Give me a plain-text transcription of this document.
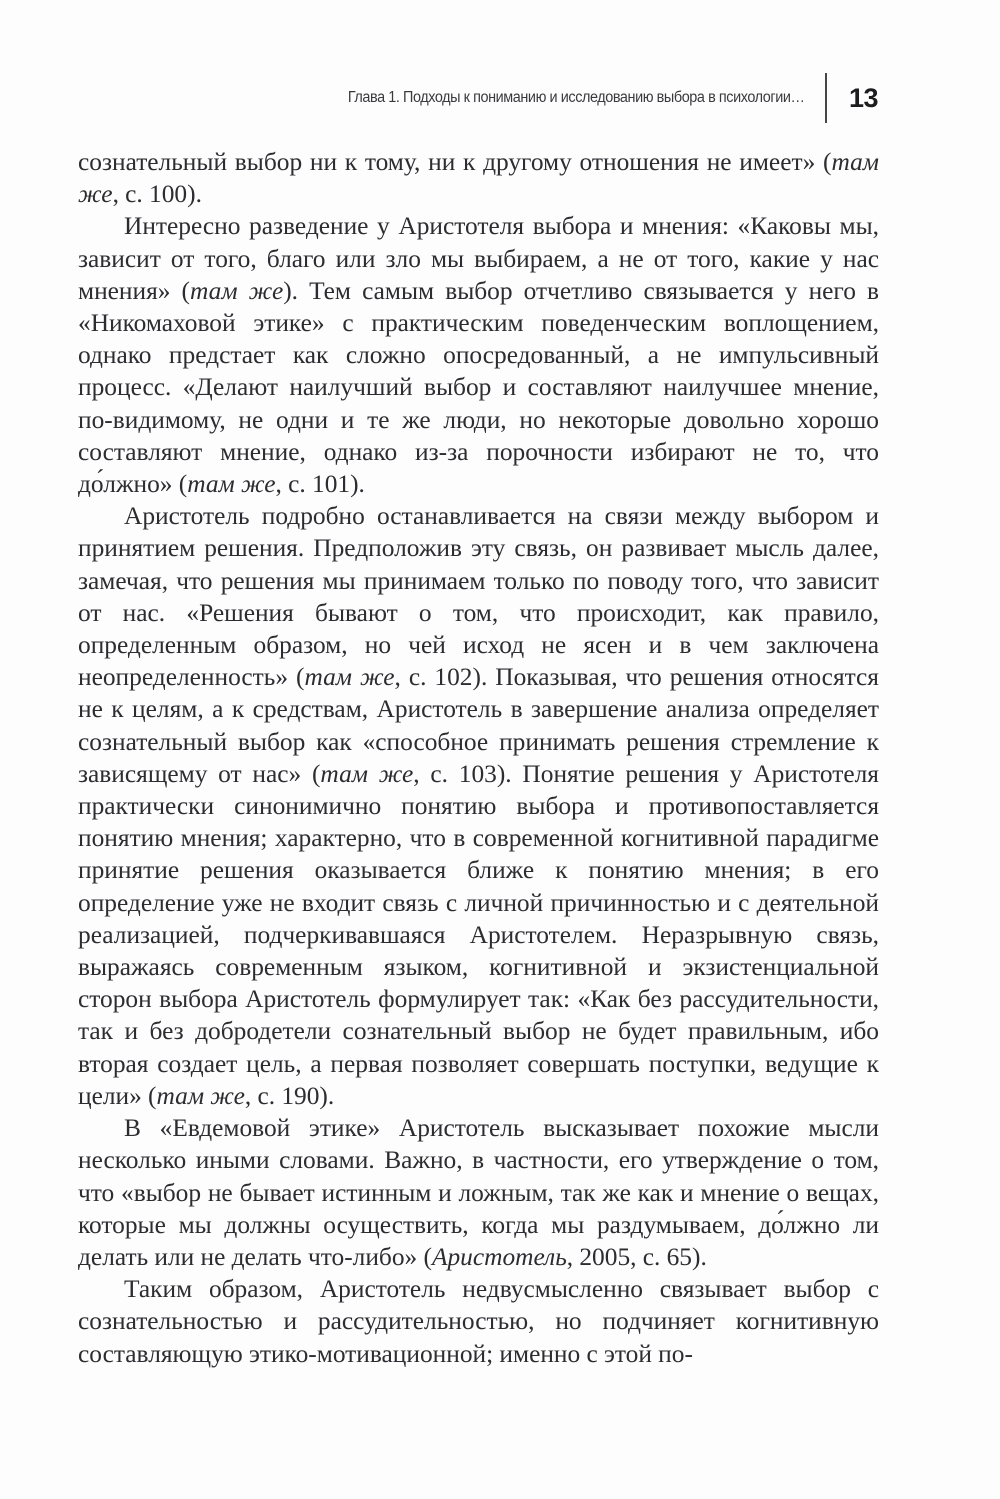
Глава 1. Подходы к пониманию и исследованию выбора в психологии…	13

сознательный выбор ни к тому, ни к другому отношения не имеет» (там же, с. 100).

Интересно разведение у Аристотеля выбора и мнения: «Каковы мы, зависит от того, благо или зло мы выбираем, а не от того, какие у нас мнения» (там же). Тем самым выбор отчетливо связывается у него в «Никомаховой этике» с практическим поведенческим воплощением, однако предстает как сложно опосредованный, а не импульсивный процесс. «Делают наилучший выбор и составляют наилучшее мнение, по-видимому, не одни и те же люди, но некоторые довольно хорошо составляют мнение, однако из-за порочности избирают не то, что до́лжно» (там же, с. 101).

Аристотель подробно останавливается на связи между выбором и принятием решения. Предположив эту связь, он развивает мысль далее, замечая, что решения мы принимаем только по поводу того, что зависит от нас. «Решения бывают о том, что происходит, как правило, определенным образом, но чей исход не ясен и в чем заключена неопределенность» (там же, с. 102). Показывая, что решения относятся не к целям, а к средствам, Аристотель в завершение анализа определяет сознательный выбор как «способное принимать решения стремление к зависящему от нас» (там же, с. 103). Понятие решения у Аристотеля практически синонимично понятию выбора и противопоставляется понятию мнения; характерно, что в современной когнитивной парадигме принятие решения оказывается ближе к понятию мнения; в его определение уже не входит связь с личной причинностью и с деятельной реализацией, подчеркивавшаяся Аристотелем. Неразрывную связь, выражаясь современным языком, когнитивной и экзистенциальной сторон выбора Аристотель формулирует так: «Как без рассудительности, так и без добродетели сознательный выбор не будет правильным, ибо вторая создает цель, а первая позволяет совершать поступки, ведущие к цели» (там же, с. 190).

В «Евдемовой этике» Аристотель высказывает похожие мысли несколько иными словами. Важно, в частности, его утверждение о том, что «выбор не бывает истинным и ложным, так же как и мнение о вещах, которые мы должны осуществить, когда мы раздумываем, до́лжно ли делать или не делать что-либо» (Аристотель, 2005, с. 65).

Таким образом, Аристотель недвусмысленно связывает выбор с сознательностью и рассудительностью, но подчиняет когнитивную составляющую этико-мотивационной; именно с этой по-
